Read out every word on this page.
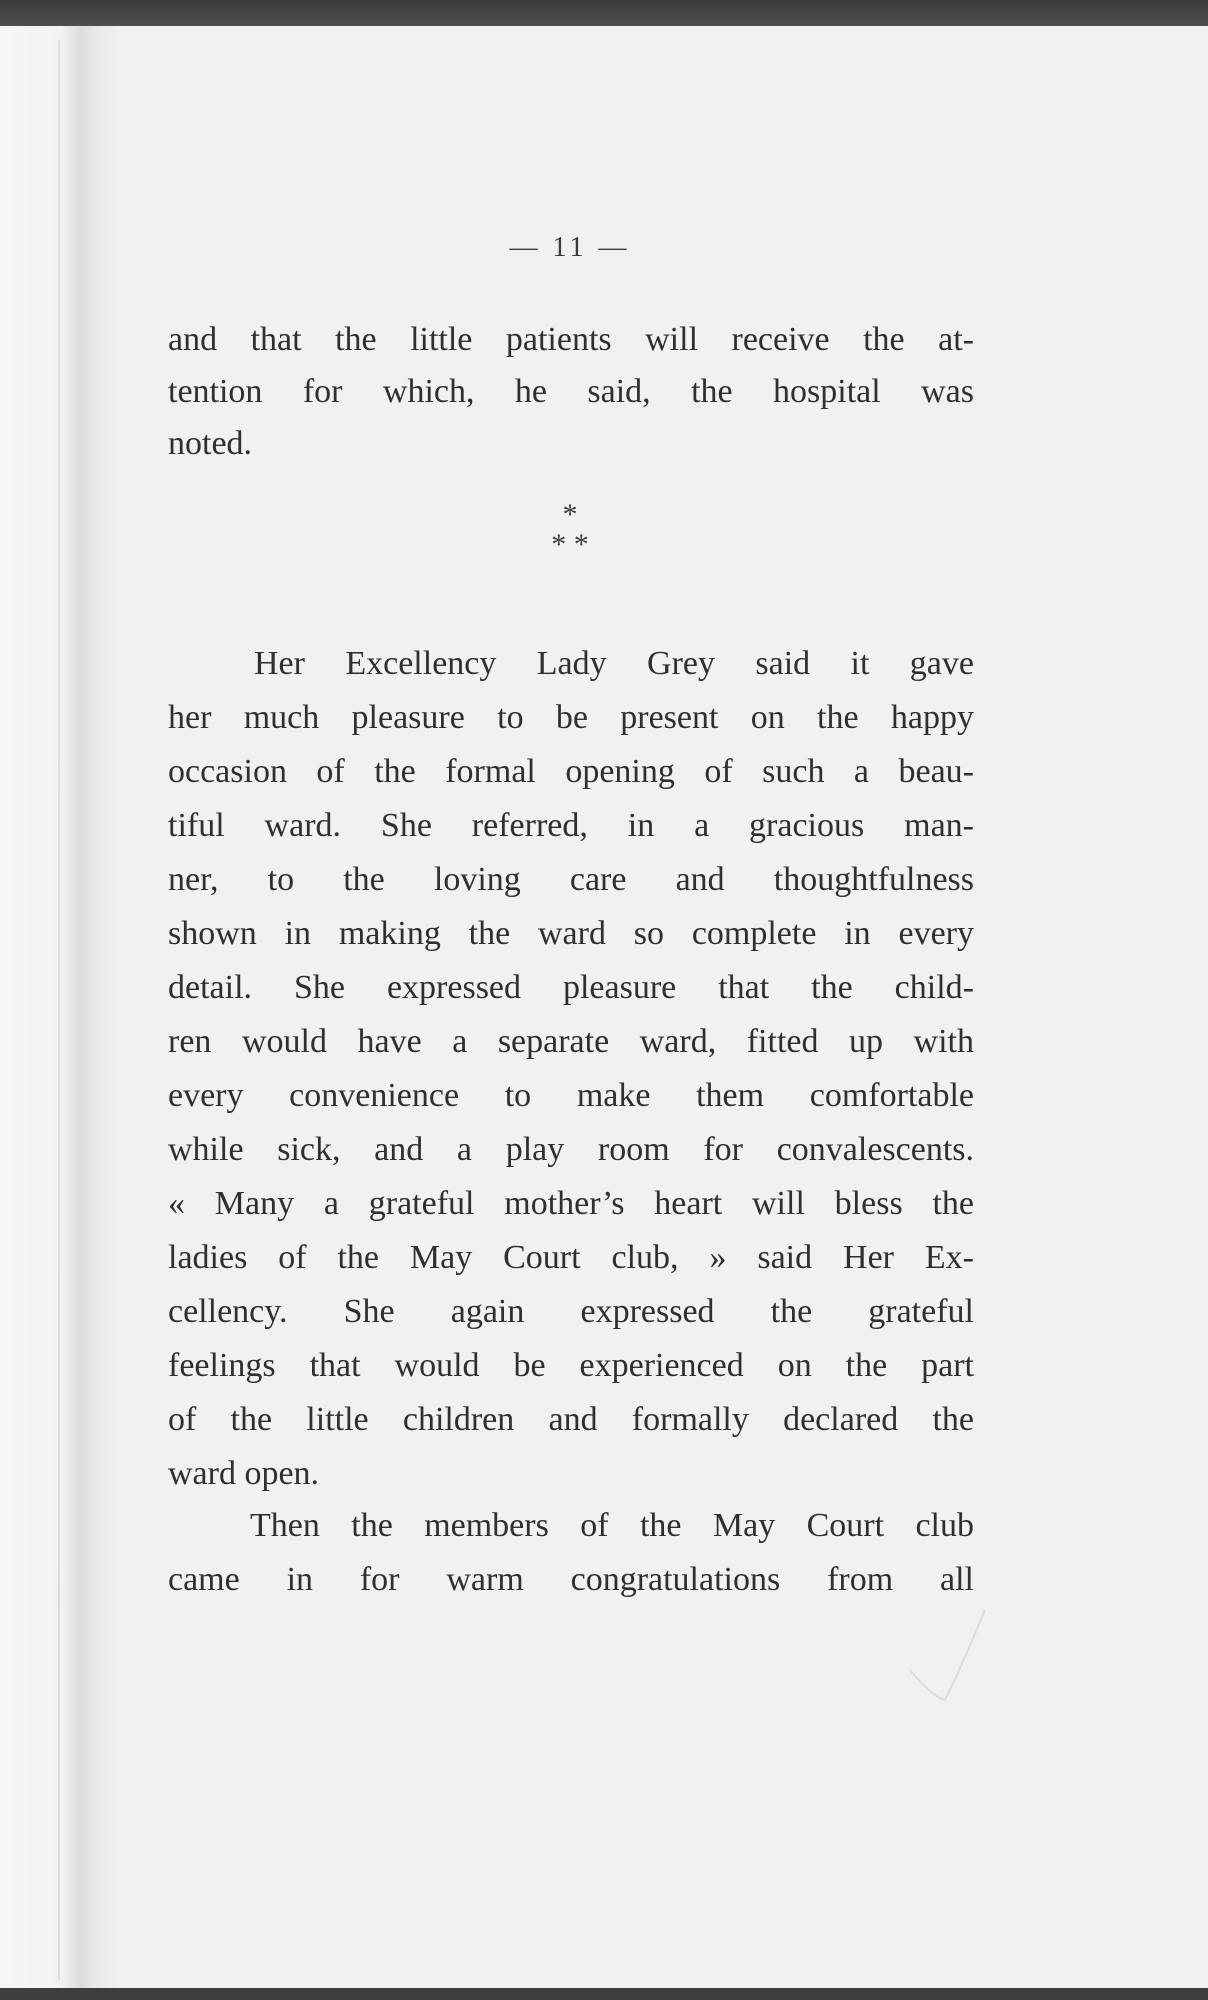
— 11 —
and that the little patients will receive the at-
tention for which, he said, the hospital was
noted.
*
* *
Her Excellency Lady Grey said it gave
her much pleasure to be present on the happy
occasion of the formal opening of such a beau-
tiful ward. She referred, in a gracious man-
ner, to the loving care and thoughtfulness
shown in making the ward so complete in every
detail. She expressed pleasure that the child-
ren would have a separate ward, fitted up with
every convenience to make them comfortable
while sick, and a play room for convalescents.
« Many a grateful mother’s heart will bless the
ladies of the May Court club, » said Her Ex-
cellency. She again expressed the grateful
feelings that would be experienced on the part
of the little children and formally declared the
ward open.
Then the members of the May Court club
came in for warm congratulations from all
